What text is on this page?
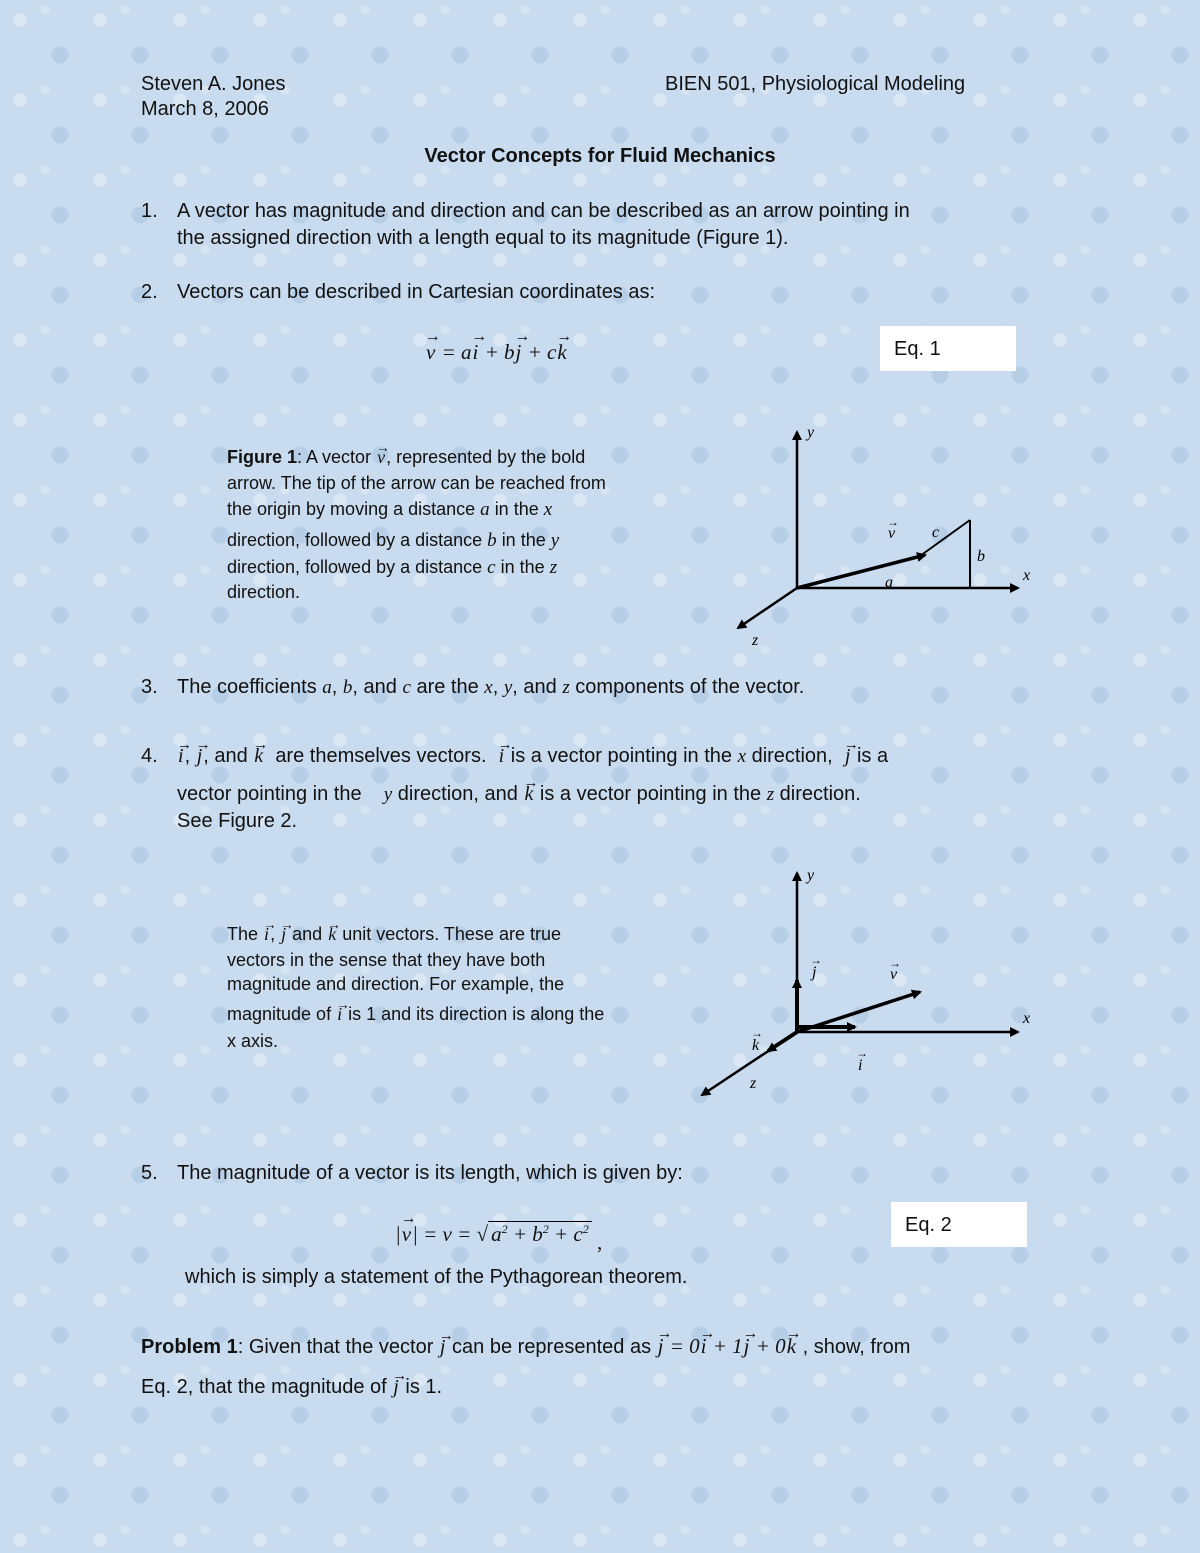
Steven A. Jones
March 8, 2006
BIEN 501, Physiological Modeling
Vector Concepts for Fluid Mechanics
1. A vector has magnitude and direction and can be described as an arrow pointing in
the assigned direction with a length equal to its magnitude (Figure 1).
2. Vectors can be described in Cartesian coordinates as:
→ v = a→ i + b→ j + c→ k	Eq. 1
Figure 1: A vector → v, represented by the bold
arrow. The tip of the arrow can be reached from
the origin by moving a distance a in the x
direction, followed by a distance b in the y
direction, followed by a distance c in the z
direction.
y
x
z
v
→
c
b
a
3. The coefficients a, b, and c are the x, y, and z components of the vector.
4. → i, → j, and → k are themselves vectors. → i is a vector pointing in the x direction, → j is a
vector pointing in the y direction, and → k is a vector pointing in the z direction.
See Figure 2.
The → i, → j and → k unit vectors. These are true
vectors in the sense that they have both
magnitude and direction. For example, the
magnitude of → i is 1 and its direction is along the
x axis.
y
x
z
v
→
j
→
i
→
k
→
5. The magnitude of a vector is its length, which is given by:
|→ v| = v = √ $a^2 + b^2 + c^2$ ,
Eq. 2
which is simply a statement of the Pythagorean theorem.
Problem 1: Given that the vector → j can be represented as → j = 0→ i + 1→ j + 0→ k , show, from
Eq. 2, that the magnitude of → j is 1.
